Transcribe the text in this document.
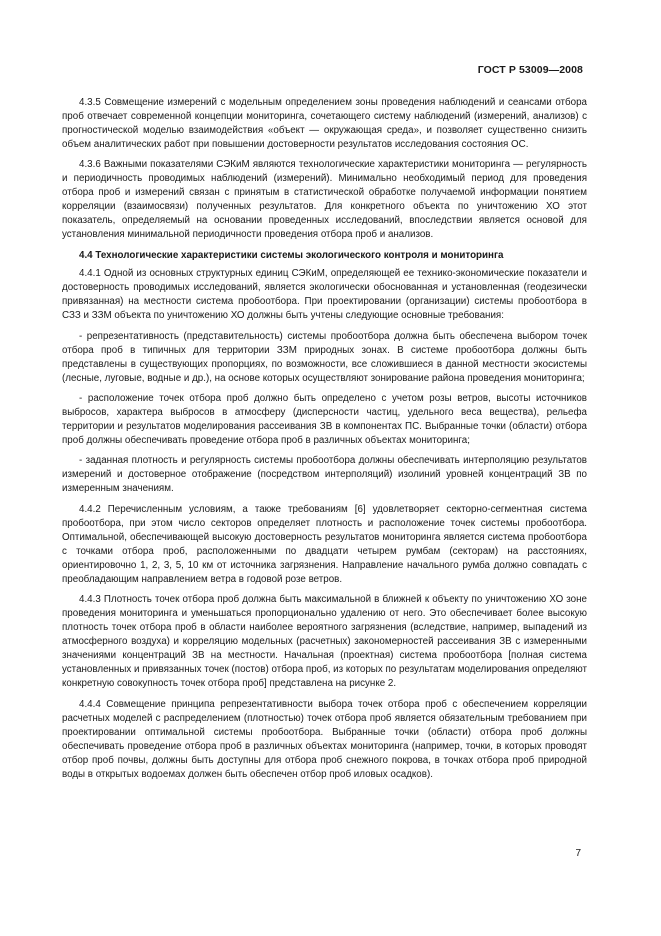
ГОСТ Р 53009—2008

4.3.5 Совмещение измерений с модельным определением зоны проведения наблюдений и сеансами отбора проб отвечает современной концепции мониторинга, сочетающего систему наблюдений (измерений, анализов) с прогностической моделью взаимодействия «объект — окружающая среда», и позволяет существенно снизить объем аналитических работ при повышении достоверности результатов исследования состояния ОС.

4.3.6 Важными показателями СЭКиМ являются технологические характеристики мониторинга — регулярность и периодичность проводимых наблюдений (измерений). Минимально необходимый период для проведения отбора проб и измерений связан с принятым в статистической обработке получаемой информации понятием корреляции (взаимосвязи) полученных результатов. Для конкретного объекта по уничтожению ХО этот показатель, определяемый на основании проведенных исследований, впоследствии является основой для установления минимальной периодичности проведения отбора проб и анализов.

4.4 Технологические характеристики системы экологического контроля и мониторинга

4.4.1 Одной из основных структурных единиц СЭКиМ, определяющей ее технико-экономические показатели и достоверность проводимых исследований, является экологически обоснованная и установленная (геодезически привязанная) на местности система пробоотбора. При проектировании (организации) системы пробоотбора в СЗЗ и ЗЗМ объекта по уничтожению ХО должны быть учтены следующие основные требования:

- репрезентативность (представительность) системы пробоотбора должна быть обеспечена выбором точек отбора проб в типичных для территории ЗЗМ природных зонах. В системе пробоотбора должны быть представлены в существующих пропорциях, по возможности, все сложившиеся в данной местности экосистемы (лесные, луговые, водные и др.), на основе которых осуществляют зонирование района проведения мониторинга;

- расположение точек отбора проб должно быть определено с учетом розы ветров, высоты источников выбросов, характера выбросов в атмосферу (дисперсности частиц, удельного веса вещества), рельефа территории и результатов моделирования рассеивания ЗВ в компонентах ПС. Выбранные точки (области) отбора проб должны обеспечивать проведение отбора проб в различных объектах мониторинга;

- заданная плотность и регулярность системы пробоотбора должны обеспечивать интерполяцию результатов измерений и достоверное отображение (посредством интерполяций) изолиний уровней концентраций ЗВ по измеренным значениям.

4.4.2 Перечисленным условиям, а также требованиям [6] удовлетворяет секторно-сегментная система пробоотбора, при этом число секторов определяет плотность и расположение точек системы пробоотбора. Оптимальной, обеспечивающей высокую достоверность результатов мониторинга является система пробоотбора с точками отбора проб, расположенными по двадцати четырем румбам (секторам) на расстояниях, ориентировочно 1, 2, 3, 5, 10 км от источника загрязнения. Направление начального румба должно совпадать с преобладающим направлением ветра в годовой розе ветров.

4.4.3 Плотность точек отбора проб должна быть максимальной в ближней к объекту по уничтожению ХО зоне проведения мониторинга и уменьшаться пропорционально удалению от него. Это обеспечивает более высокую плотность точек отбора проб в области наиболее вероятного загрязнения (вследствие, например, выпадений из атмосферного воздуха) и корреляцию модельных (расчетных) закономерностей рассеивания ЗВ с измеренными значениями концентраций ЗВ на местности. Начальная (проектная) система пробоотбора [полная система установленных и привязанных точек (постов) отбора проб, из которых по результатам моделирования определяют конкретную совокупность точек отбора проб] представлена на рисунке 2.

4.4.4 Совмещение принципа репрезентативности выбора точек отбора проб с обеспечением корреляции расчетных моделей с распределением (плотностью) точек отбора проб является обязательным требованием при проектировании оптимальной системы пробоотбора. Выбранные точки (области) отбора проб должны обеспечивать проведение отбора проб в различных объектах мониторинга (например, точки, в которых проводят отбор проб почвы, должны быть доступны для отбора проб снежного покрова, в точках отбора проб природной воды в открытых водоемах должен быть обеспечен отбор проб иловых осадков).

7
